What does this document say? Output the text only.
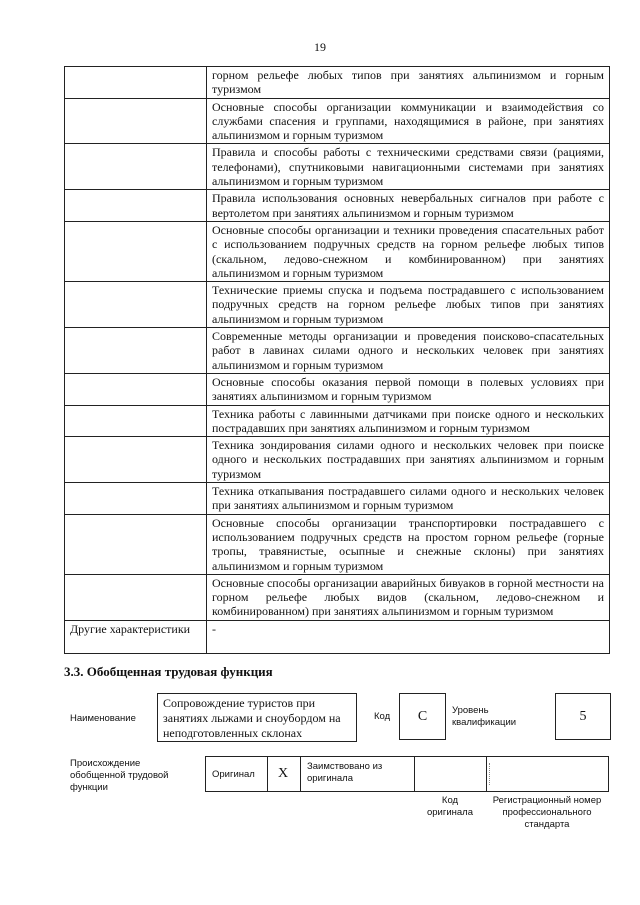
19
	горном рельефе любых типов при занятиях альпинизмом и горным туризмом
	Основные способы организации коммуникации и взаимодействия со службами спасения и группами, находящимися в районе, при занятиях альпинизмом и горным туризмом
	Правила и способы работы с техническими средствами связи (рациями, телефонами), спутниковыми навигационными системами при занятиях альпинизмом и горным туризмом
	Правила использования основных невербальных сигналов при работе с вертолетом при занятиях альпинизмом и горным туризмом
	Основные способы организации и техники проведения спасательных работ с использованием подручных средств на горном рельефе любых типов (скальном, ледово-снежном и комбинированном) при занятиях альпинизмом и горным туризмом
	Технические приемы спуска и подъема пострадавшего с использованием подручных средств на горном рельефе любых типов при занятиях альпинизмом и горным туризмом
	Современные методы организации и проведения поисково-спасательных работ в лавинах силами одного и нескольких человек при занятиях альпинизмом и горным туризмом
	Основные способы оказания первой помощи в полевых условиях при занятиях альпинизмом и горным туризмом
	Техника работы с лавинными датчиками при поиске одного и нескольких пострадавших при занятиях альпинизмом и горным туризмом
	Техника зондирования силами одного и нескольких человек при поиске одного и нескольких пострадавших при занятиях альпинизмом и горным туризмом
	Техника откапывания пострадавшего силами одного и нескольких человек при занятиях альпинизмом и горным туризмом
	Основные способы организации транспортировки пострадавшего с использованием подручных средств на простом горном рельефе (горные тропы, травянистые, осыпные и снежные склоны) при занятиях альпинизмом и горным туризмом
	Основные способы организации аварийных бивуаков в горной местности на горном рельефе любых видов (скальном, ледово-снежном и комбинированном) при занятиях альпинизмом и горным туризмом
Другие характеристики	-
3.3. Обобщенная трудовая функция
Наименование
Сопровождение туристов при занятиях лыжами и сноубордом на неподготовленных склонах
Код	C	Уровень квалификации	5
Происхождение обобщенной трудовой функции
Оригинал X Заимствовано из оригинала
Код оригинала
Регистрационный номер профессионального стандарта
